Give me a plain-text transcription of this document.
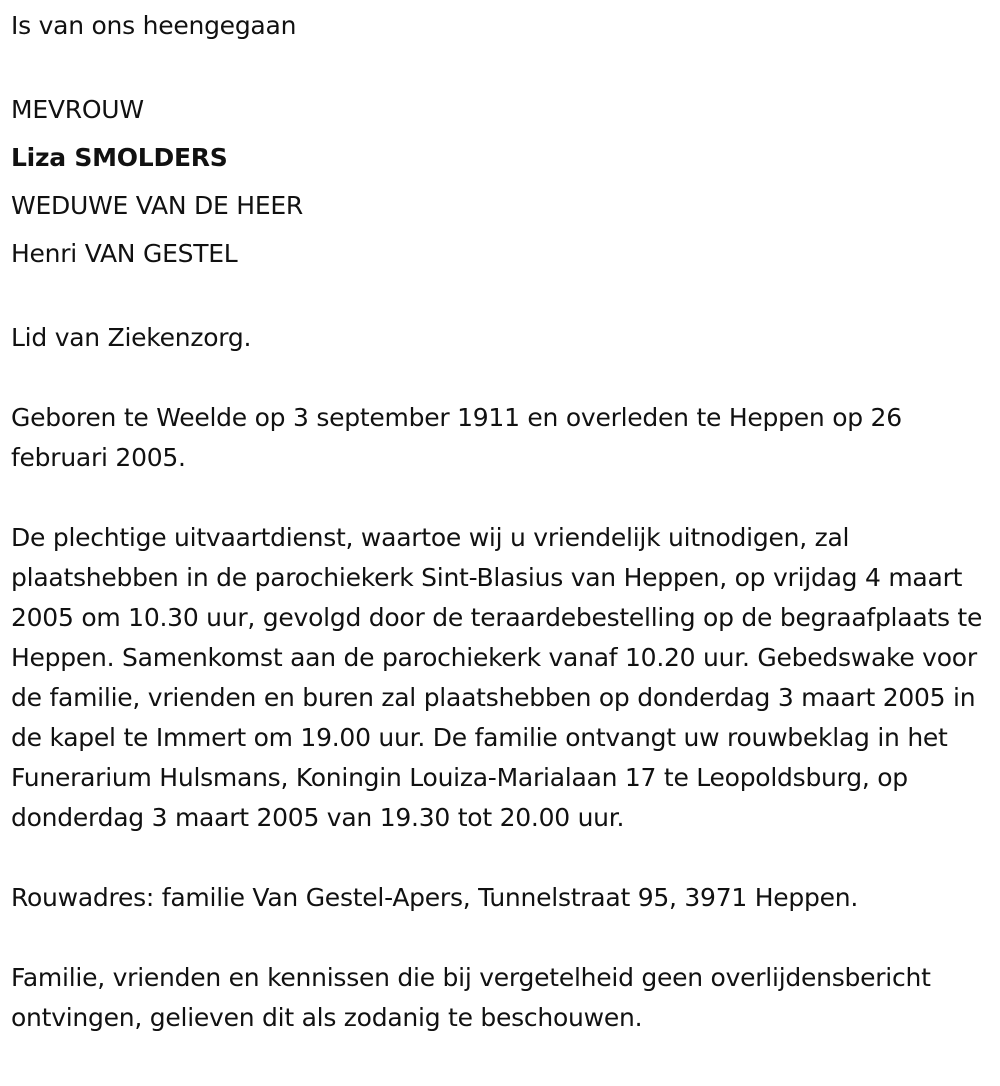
Is van ons heengegaan

MEVROUW

Liza SMOLDERS

WEDUWE VAN DE HEER

Henri VAN GESTEL

Lid van Ziekenzorg.

Geboren te Weelde op 3 september 1911 en overleden te Heppen op 26 februari 2005.

De plechtige uitvaartdienst, waartoe wij u vriendelijk uitnodigen, zal plaatshebben in de parochiekerk Sint-Blasius van Heppen, op vrijdag 4 maart 2005 om 10.30 uur, gevolgd door de teraardebestelling op de begraafplaats te Heppen. Samenkomst aan de parochiekerk vanaf 10.20 uur. Gebedswake voor de familie, vrienden en buren zal plaatshebben op donderdag 3 maart 2005 in de kapel te Immert om 19.00 uur. De familie ontvangt uw rouwbeklag in het Funerarium Hulsmans, Koningin Louiza-Marialaan 17 te Leopoldsburg, op donderdag 3 maart 2005 van 19.30 tot 20.00 uur.

Rouwadres: familie Van Gestel-Apers, Tunnelstraat 95, 3971 Heppen.

Familie, vrienden en kennissen die bij vergetelheid geen overlijdensbericht ontvingen, gelieven dit als zodanig te beschouwen.
